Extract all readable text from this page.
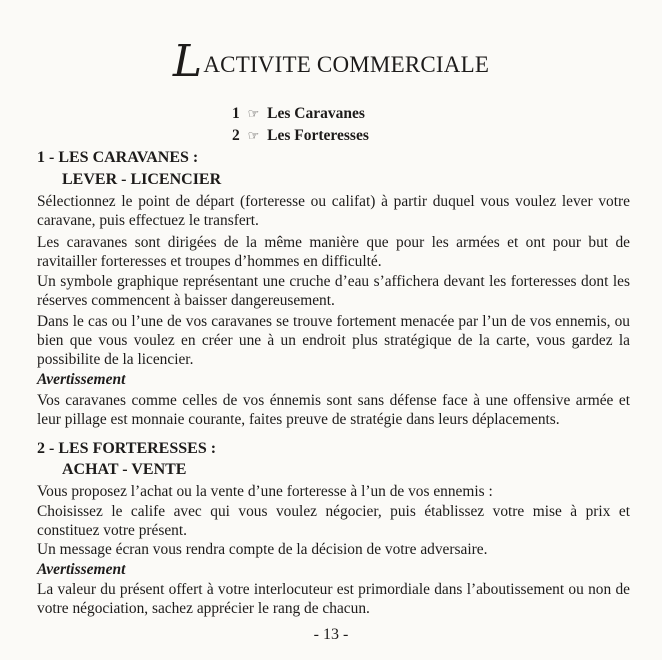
LACTIVITE COMMERCIALE
1 ☞ Les Caravanes
2 ☞ Les Forteresses
1 - LES CARAVANES :
LEVER - LICENCIER
Sélectionnez le point de départ (forteresse ou califat) à partir duquel vous voulez lever votre caravane, puis effectuez le transfert.
Les caravanes sont dirigées de la même manière que pour les armées et ont pour but de ravitailler forteresses et troupes d’hommes en difficulté.
Un symbole graphique représentant une cruche d’eau s’affichera devant les forteresses dont les réserves commencent à baisser dangereusement.
Dans le cas ou l’une de vos caravanes se trouve fortement menacée par l’un de vos ennemis, ou bien que vous voulez en créer une à un endroit plus stratégique de la carte, vous gardez la possibilite de la licencier.
Avertissement
Vos caravanes comme celles de vos énnemis sont sans défense face à une offensive armée et leur pillage est monnaie courante, faites preuve de stratégie dans leurs déplacements.
2 - LES FORTERESSES :
ACHAT - VENTE
Vous proposez l’achat ou la vente d’une forteresse à l’un de vos ennemis :
Choisissez le calife avec qui vous voulez négocier, puis établissez votre mise à prix et constituez votre présent.
Un message écran vous rendra compte de la décision de votre adversaire.
Avertissement
La valeur du présent offert à votre interlocuteur est primordiale dans l’aboutissement ou non de votre négociation, sachez apprécier le rang de chacun.
- 13 -
